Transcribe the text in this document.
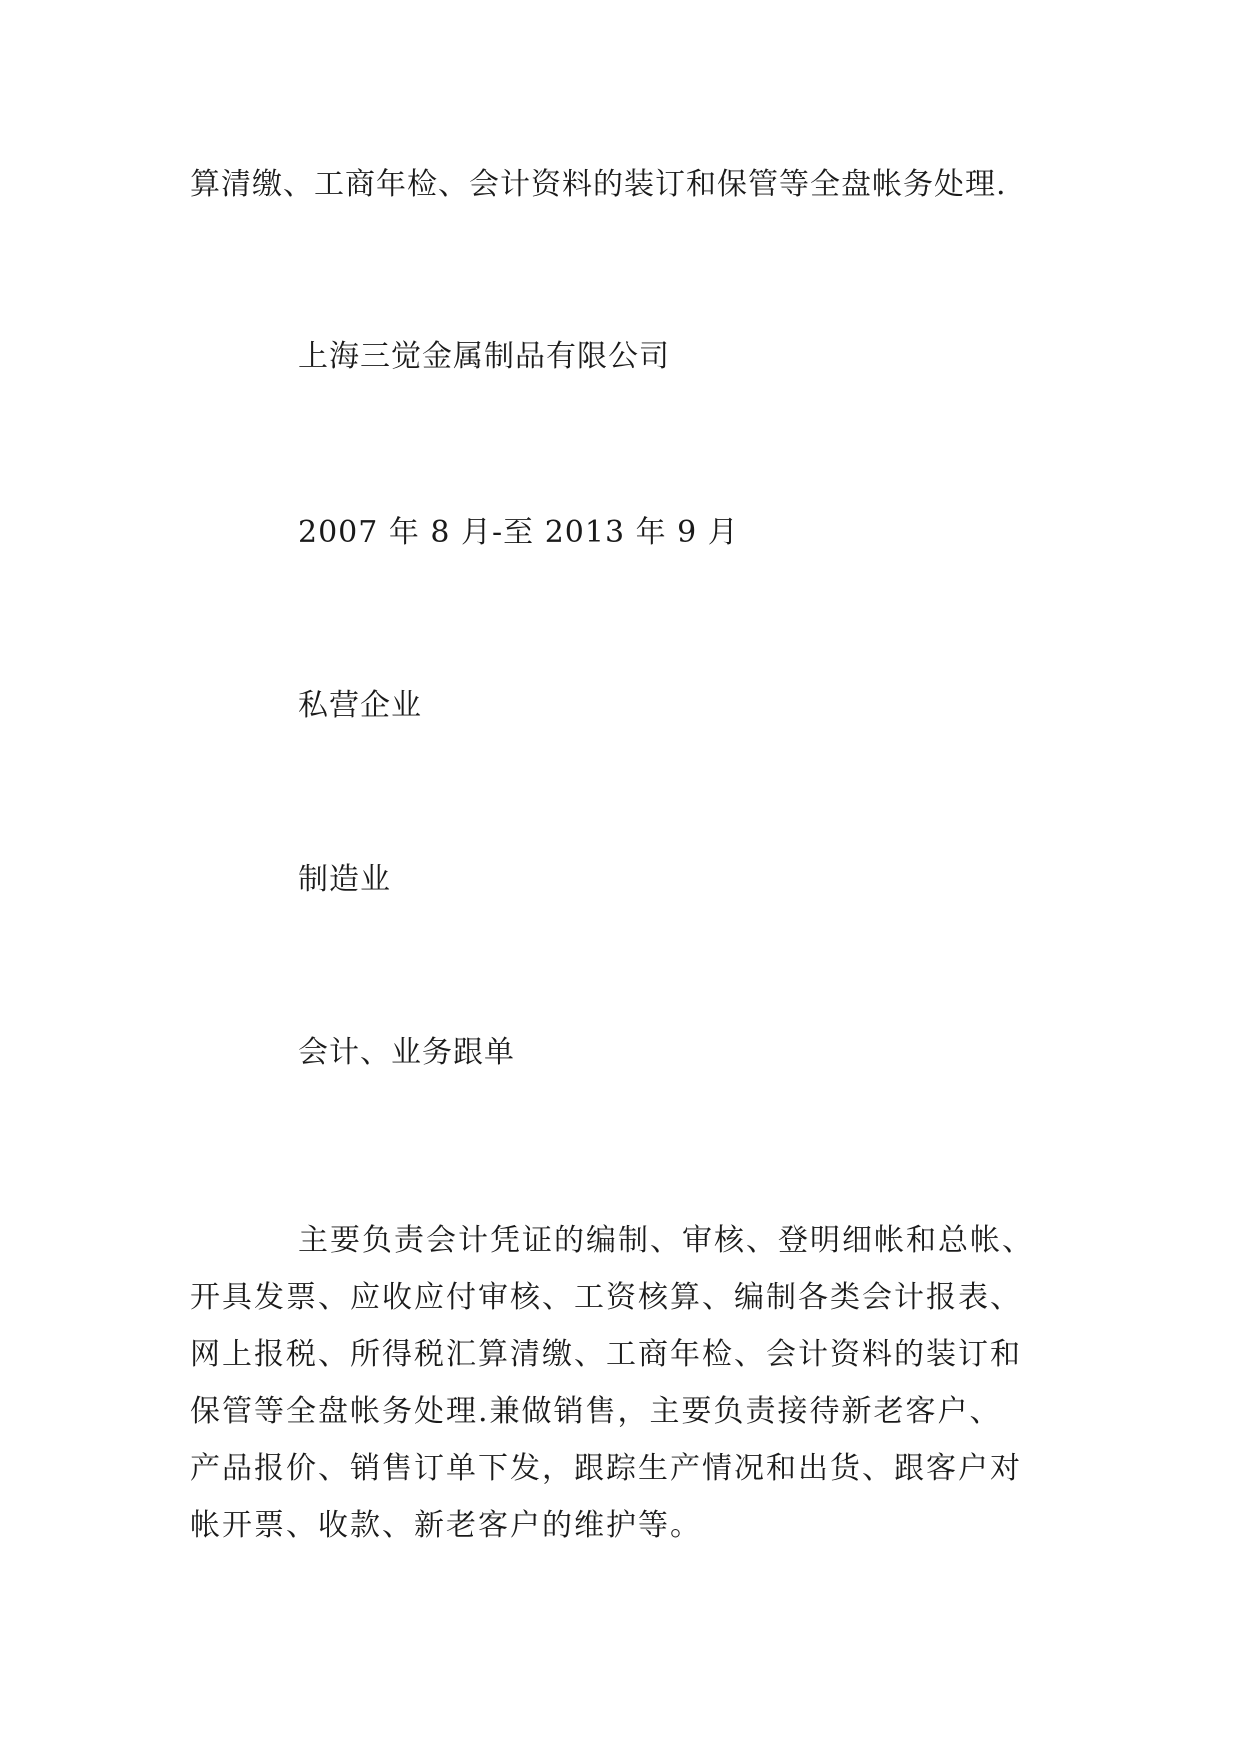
算清缴、工商年检、会计资料的装订和保管等全盘帐务处理.
上海三觉金属制品有限公司
2007 年 8 月-至 2013 年 9 月
私营企业
制造业
会计、业务跟单
主要负责会计凭证的编制、审核、登明细帐和总帐、
开具发票、应收应付审核、工资核算、编制各类会计报表、
网上报税、所得税汇算清缴、工商年检、会计资料的装订和
保管等全盘帐务处理.兼做销售，主要负责接待新老客户、
产品报价、销售订单下发，跟踪生产情况和出货、跟客户对
帐开票、收款、新老客户的维护等。
